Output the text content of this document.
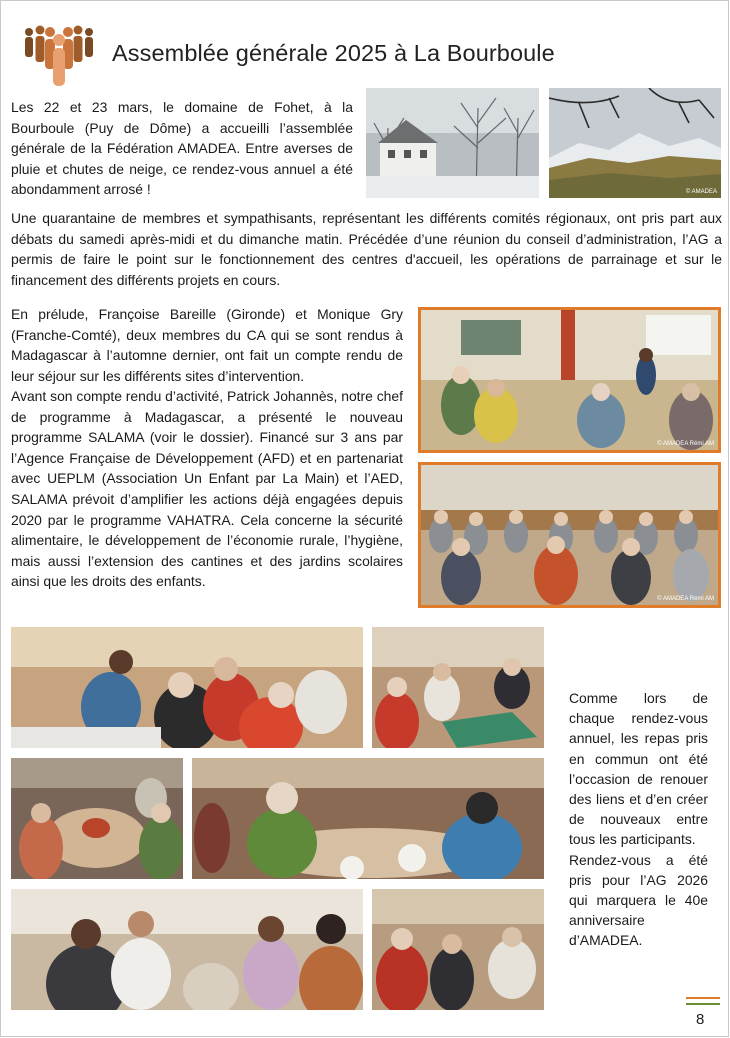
Assemblée générale 2025 à La Bourboule

Les 22 et 23 mars, le domaine de Fohet, à la Bourboule (Puy de Dôme) a accueilli l’assemblée générale de la Fédération AMADEA. Entre averses de pluie et chutes de neige, ce rendez-vous annuel a été abondamment arrosé !	© AMADEA

Une quarantaine de membres et sympathisants, représentant les différents comités régionaux, ont pris part aux débats du samedi après-midi et du dimanche matin. Précédée d’une réunion du conseil d’administration, l’AG a permis de faire le point sur le fonctionnement des centres d'accueil, les opérations de parrainage et sur le financement des différents projets en cours.

En prélude, Françoise Bareille (Gironde) et Monique Gry (Franche-Comté), deux membres du CA qui se sont rendus à Madagascar à l’automne dernier, ont fait un compte rendu de leur séjour sur les différents sites d’intervention.

Avant son compte rendu d’activité, Patrick Johannès, notre chef de programme à Madagascar, a présenté le nouveau programme SALAMA (voir le dossier). Financé sur 3 ans par l’Agence Française de Développement (AFD) et en partenariat avec UEPLM (Association Un Enfant par La Main) et l’AED, SALAMA prévoit d’amplifier les actions déjà engagées depuis 2020 par le programme VAHATRA. Cela concerne la sécurité alimentaire, le développement de l’économie rurale, l’hygiène, mais aussi l’extension des cantines et des jardins scolaires ainsi que les droits des enfants.

© AMADEA Rémi AM
© AMADEA Rémi AM

Comme lors de chaque rendez-vous annuel, les repas pris en commun ont été l’occasion de renouer des liens et d’en créer de nouveaux entre tous les participants.

Rendez-vous a été pris pour l’AG 2026 qui marquera le 40e anniversaire d’AMADEA.

8
